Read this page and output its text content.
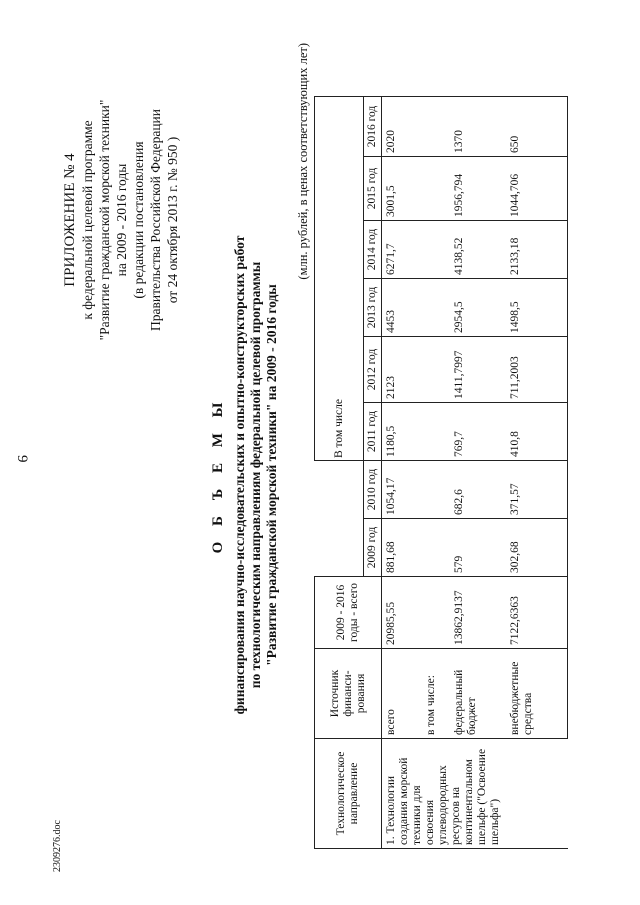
9
2309276.doc
ПРИЛОЖЕНИЕ № 4 к федеральной целевой программе "Развитие гражданской морской техники" на 2009 - 2016 годы (в редакции постановления Правительства Российской Федерации от 24 октября 2013 г. № 950 )
О Б Ъ Е М Ы финансирования научно-исследовательских и опытно-конструкторских работ по технологическим направлениям федеральной целевой программы "Развитие гражданской морской техники" на 2009 - 2016 годы
(млн. рублей, в ценах соответствующих лет)
Технологическое направление	Источник финанси-рования	2009 - 2016 годы - всего			В том числе					
			2009 год	2010 год	2011 год	2012 год	2013 год	2014 год	2015 год	2016 год
1. Технологии создания морской техники для освоения углеводородных ресурсов на континентальном шельфе ("Освоение шельфа")	всего	20985,55	881,68	1054,17	1180,5	2123	4453	6271,7	3001,5	2020
	в том числе:									
	федеральный бюджет	13862,9137	579	682,6	769,7	1411,7997	2954,5	4138,52	1956,794	1370
	внебюджетные средства	7122,6363	302,68	371,57	410,8	711,2003	1498,5	2133,18	1044,706	650
